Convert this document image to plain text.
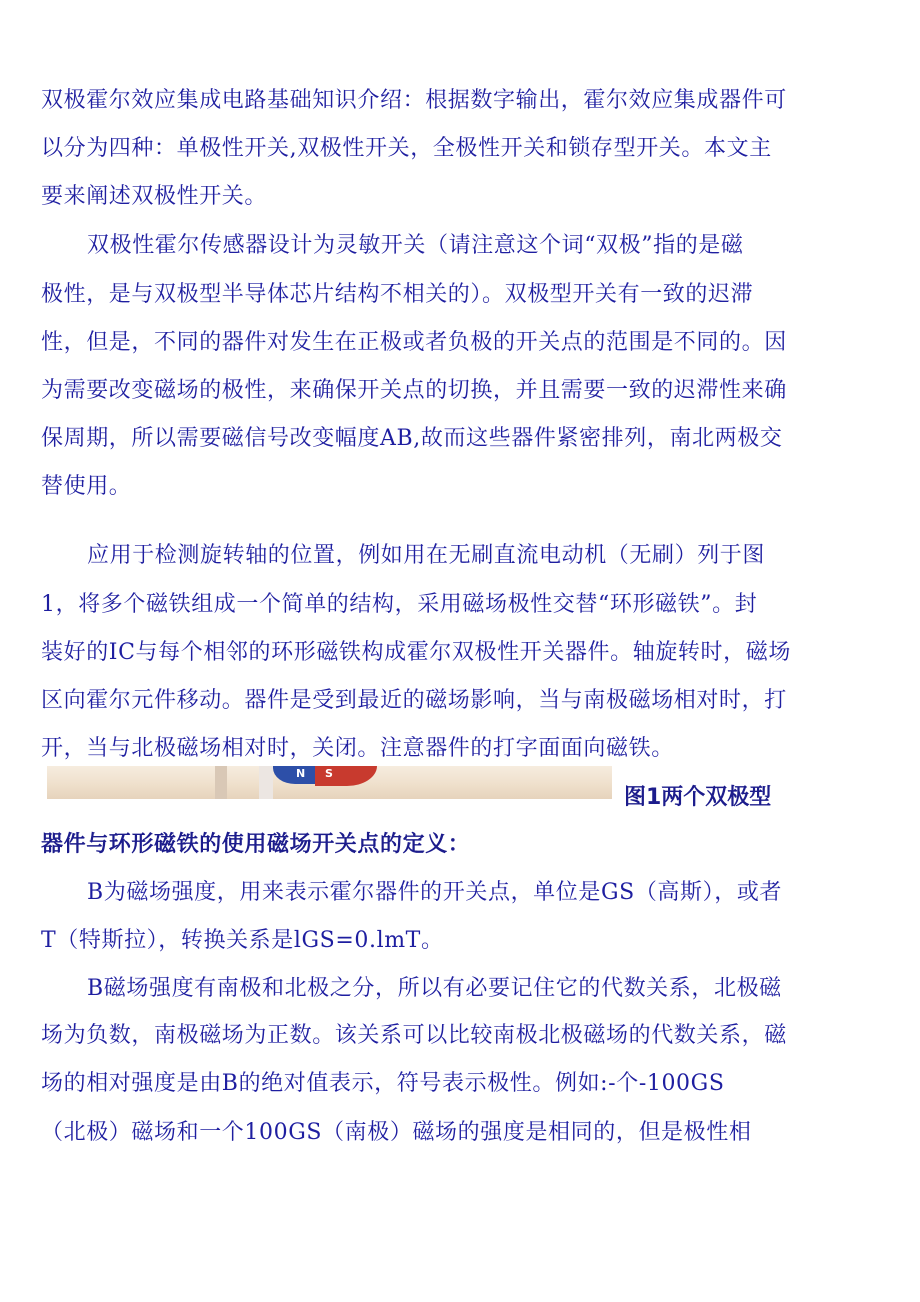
双极霍尔效应集成电路基础知识介绍：根据数字输出，霍尔效应集成器件可
以分为四种：单极性开关,双极性开关，全极性开关和锁存型开关。本文主
要来阐述双极性开关。
双极性霍尔传感器设计为灵敏开关（请注意这个词“双极”指的是磁
极性，是与双极型半导体芯片结构不相关的）。双极型开关有一致的迟滞
性，但是，不同的器件对发生在正极或者负极的开关点的范围是不同的。因
为需要改变磁场的极性，来确保开关点的切换，并且需要一致的迟滞性来确
保周期，所以需要磁信号改变幅度AB,故而这些器件紧密排列，南北两极交
替使用。
应用于检测旋转轴的位置，例如用在无刷直流电动机（无刷）列于图
1，将多个磁铁组成一个简单的结构，采用磁场极性交替“环形磁铁”。封
装好的IC与每个相邻的环形磁铁构成霍尔双极性开关器件。轴旋转时，磁场
区向霍尔元件移动。器件是受到最近的磁场影响，当与南极磁场相对时，打
开，当与北极磁场相对时，关闭。注意器件的打字面面向磁铁。
N S
图1两个双极型
器件与环形磁铁的使用磁场开关点的定义：
B为磁场强度，用来表示霍尔器件的开关点，单位是GS（高斯），或者
T（特斯拉），转换关系是lGS=0.lmT。
B磁场强度有南极和北极之分，所以有必要记住它的代数关系，北极磁
场为负数，南极磁场为正数。该关系可以比较南极北极磁场的代数关系，磁
场的相对强度是由B的绝对值表示，符号表示极性。例如:-个-100GS
（北极）磁场和一个100GS（南极）磁场的强度是相同的，但是极性相
